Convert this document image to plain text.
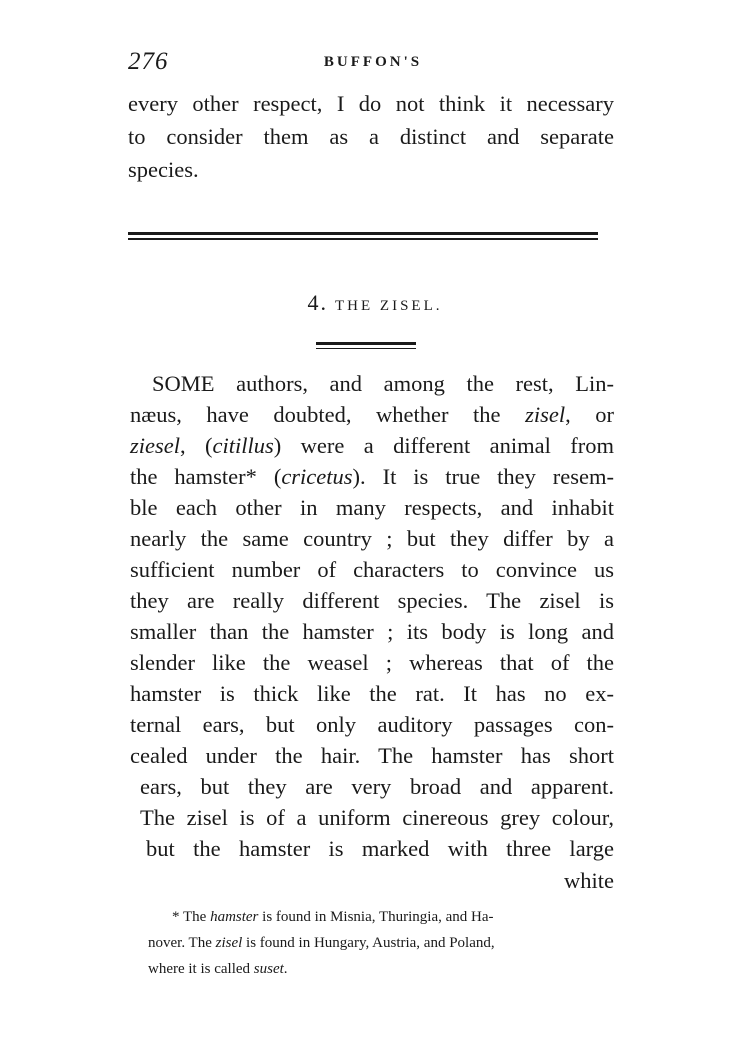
276	BUFFON'S
every other respect, I do not think it necessary
to consider them as a distinct and separate
species.
4. THE ZISEL.
SOME authors, and among the rest, Lin-
næus, have doubted, whether the zisel, or
ziesel, (citillus) were a different animal from
the hamster* (cricetus). It is true they resem-
ble each other in many respects, and inhabit
nearly the same country ; but they differ by a
sufficient number of characters to convince us
they are really different species. The zisel is
smaller than the hamster ; its body is long and
slender like the weasel ; whereas that of the
hamster is thick like the rat. It has no ex-
ternal ears, but only auditory passages con-
cealed under the hair. The hamster has short
ears, but they are very broad and apparent.
The zisel is of a uniform cinereous grey colour,
but the hamster is marked with three large
white
* The hamster is found in Misnia, Thuringia, and Ha-
nover. The zisel is found in Hungary, Austria, and Poland,
where it is called suset.
